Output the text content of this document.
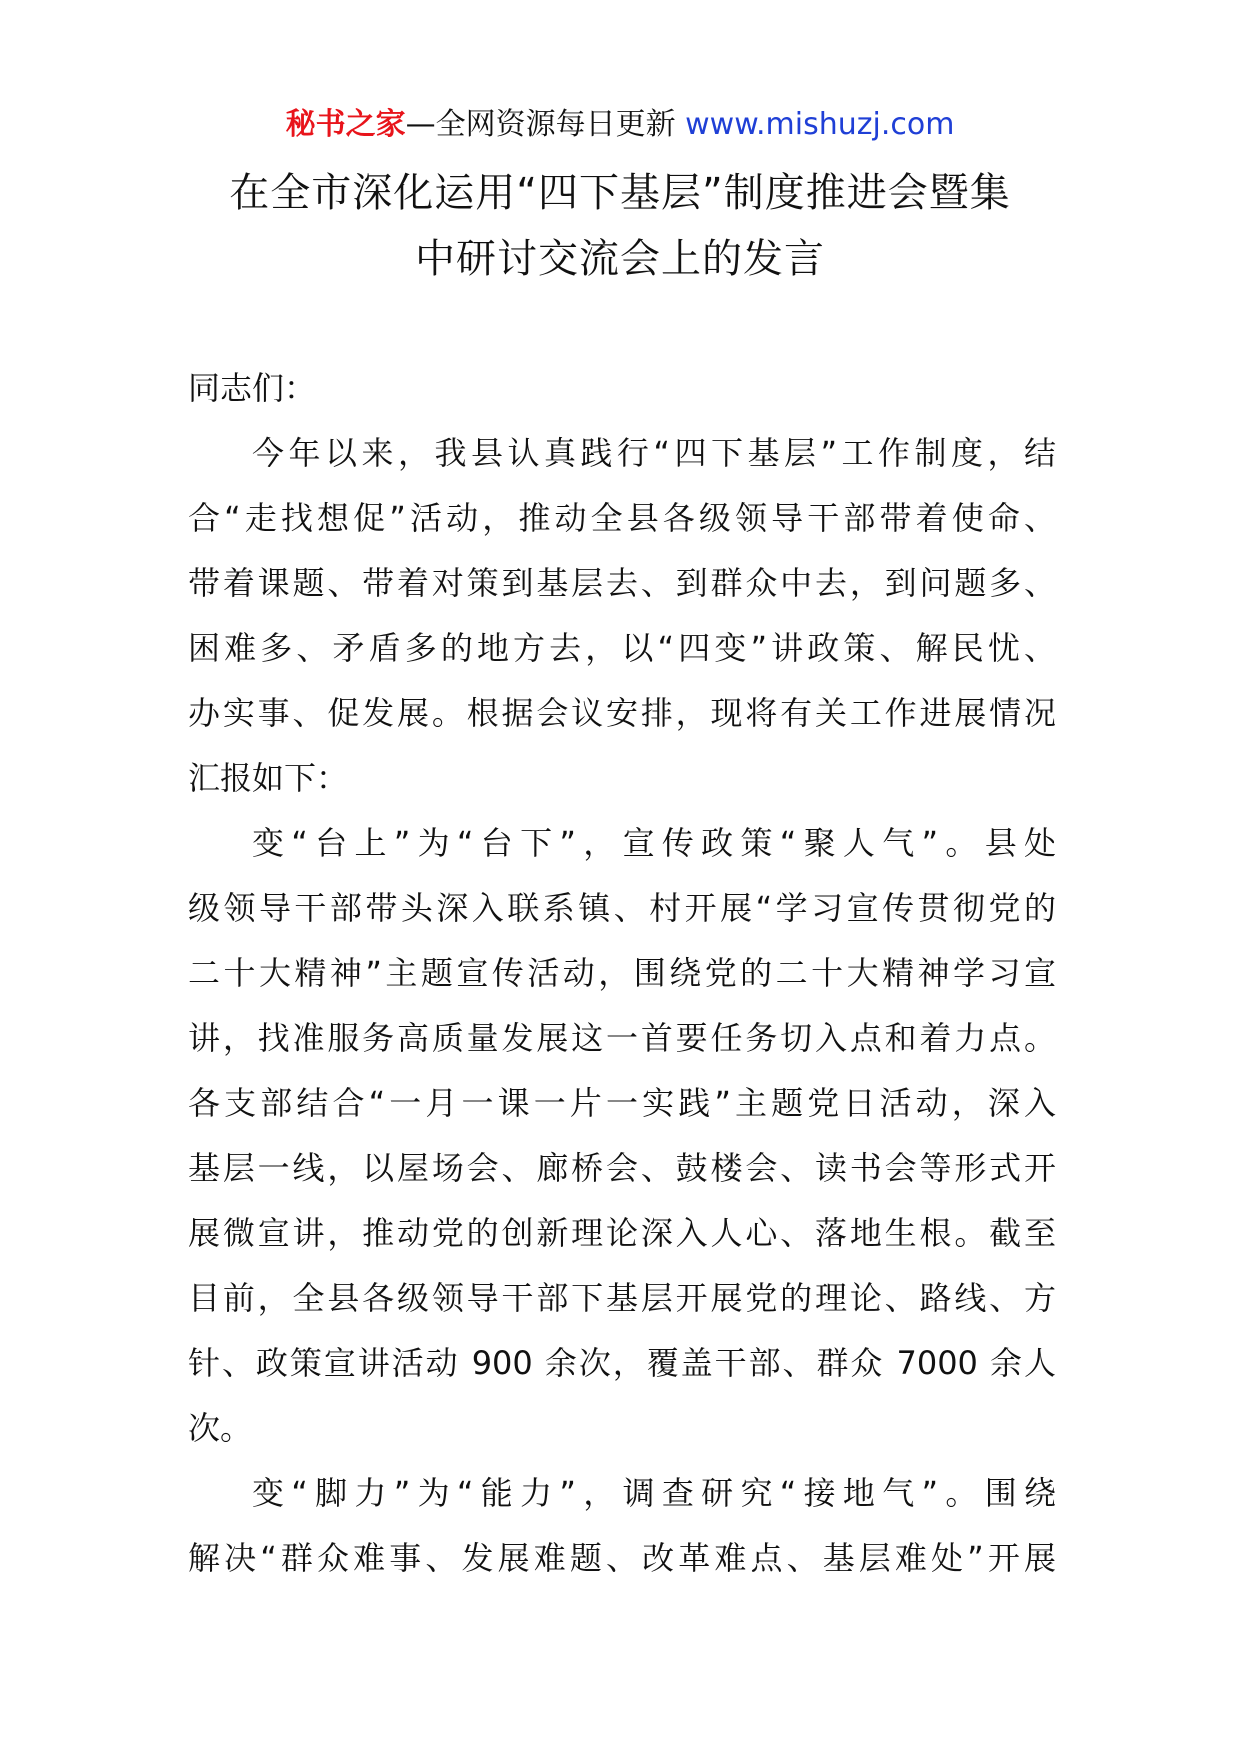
秘书之家—全网资源每日更新 www.mishuzj.com
在全市深化运用“四下基层”制度推进会暨集
中研讨交流会上的发言
同志们：
今年以来，我县认真践行“四下基层”工作制度，结
合“走找想促”活动，推动全县各级领导干部带着使命、
带着课题、带着对策到基层去、到群众中去，到问题多、
困难多、矛盾多的地方去，以“四变”讲政策、解民忧、
办实事、促发展。根据会议安排，现将有关工作进展情况
汇报如下：
变“台上”为“台下”，宣传政策“聚人气”。县处
级领导干部带头深入联系镇、村开展“学习宣传贯彻党的
二十大精神”主题宣传活动，围绕党的二十大精神学习宣
讲，找准服务高质量发展这一首要任务切入点和着力点。
各支部结合“一月一课一片一实践”主题党日活动，深入
基层一线，以屋场会、廊桥会、鼓楼会、读书会等形式开
展微宣讲，推动党的创新理论深入人心、落地生根。截至
目前，全县各级领导干部下基层开展党的理论、路线、方
针、政策宣讲活动 900 余次，覆盖干部、群众 7000 余人
次。
变“脚力”为“能力”，调查研究“接地气”。围绕
解决“群众难事、发展难题、改革难点、基层难处”开展
